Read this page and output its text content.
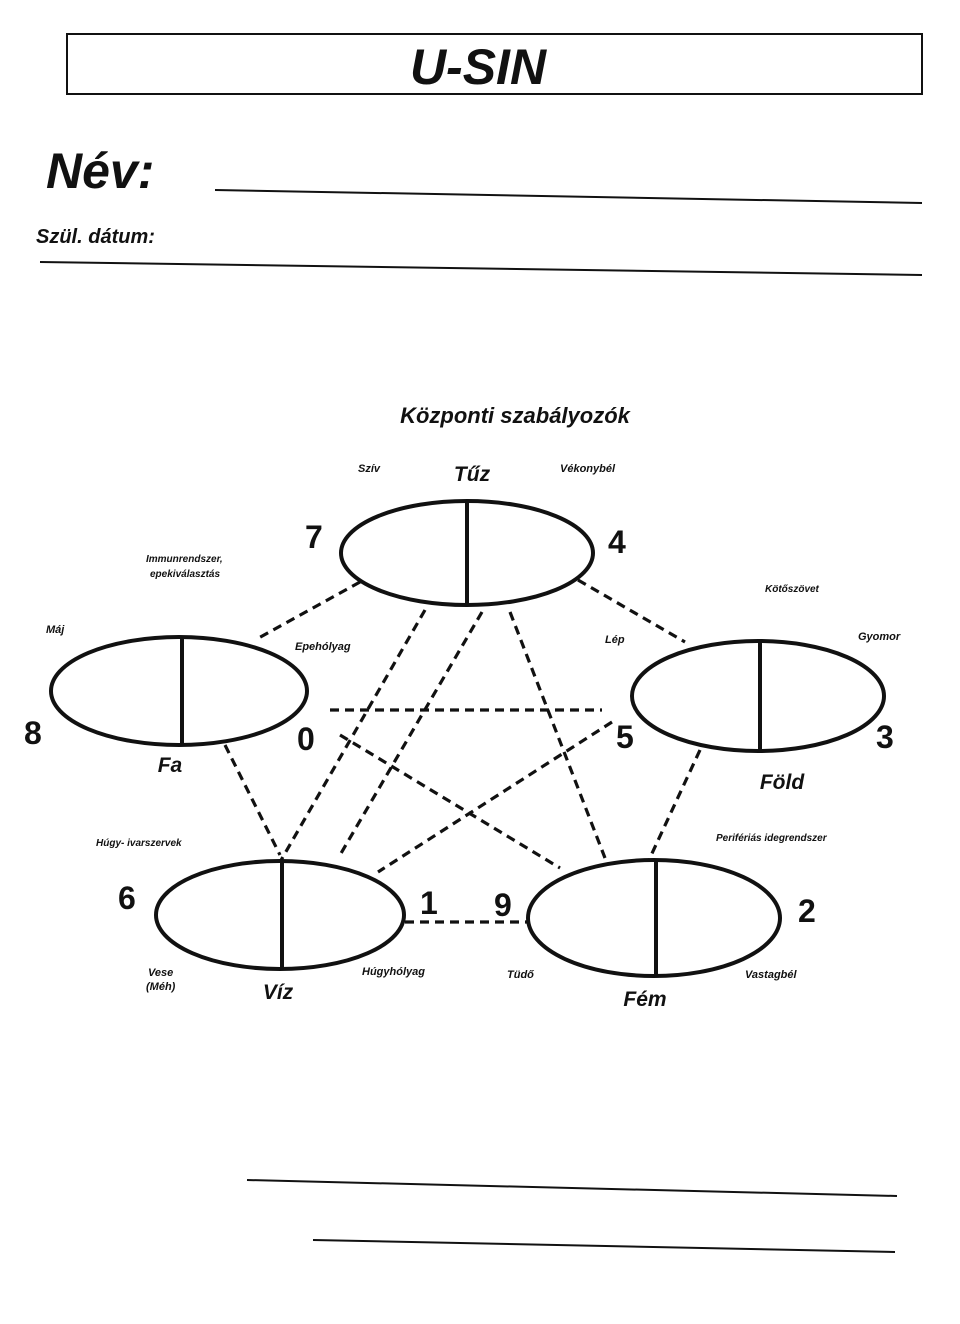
U-SIN
Név:
Szül. dátum:
Központi szabályozók
Tűz
7	4
Szív	Vékonybél
Fa
8	0
Máj
Epehólyag
Föld
5	3
Lép	Gyomor
Víz
6	1
Vese
(Méh)
Húgyhólyag
Fém
9	2
Tüdő	Vastagbél
Immunrendszer,
epekiválasztás
Kötőszövet
Húgy- ivarszervek	Perifériás idegrendszer
